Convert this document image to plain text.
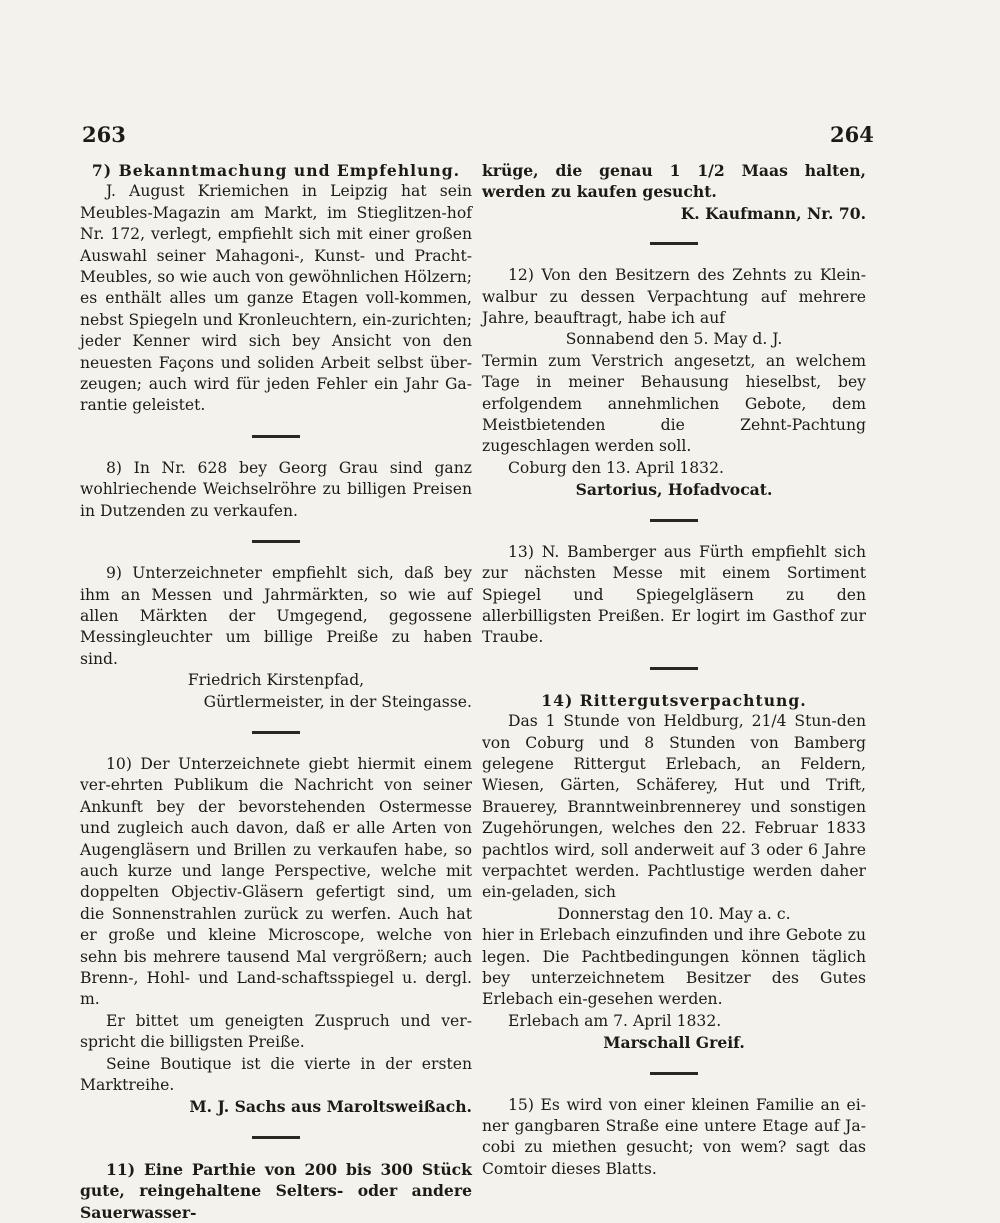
263	264
7) Bekanntmachung und Empfehlung.

J. August Kriemichen in Leipzig hat sein Meubles-Magazin am Markt, im Stieglitzen-hof Nr. 172, verlegt, empfiehlt sich mit einer großen Auswahl seiner Mahagoni-, Kunst- und Pracht-Meubles, so wie auch von gewöhnlichen Hölzern; es enthält alles um ganze Etagen voll-kommen, nebst Spiegeln und Kronleuchtern, ein-zurichten; jeder Kenner wird sich bey Ansicht von den neuesten Façons und soliden Arbeit selbst über-zeugen; auch wird für jeden Fehler ein Jahr Ga-rantie geleistet.

8) In Nr. 628 bey Georg Grau sind ganz wohlriechende Weichselröhre zu billigen Preisen in Dutzenden zu verkaufen.

9) Unterzeichneter empfiehlt sich, daß bey ihm an Messen und Jahrmärkten, so wie auf allen Märkten der Umgegend, gegossene Messingleuchter um billige Preiße zu haben sind.

Friedrich Kirstenpfad,

Gürtlermeister, in der Steingasse.

10) Der Unterzeichnete giebt hiermit einem ver-ehrten Publikum die Nachricht von seiner Ankunft bey der bevorstehenden Ostermesse und zugleich auch davon, daß er alle Arten von Augengläsern und Brillen zu verkaufen habe, so auch kurze und lange Perspective, welche mit doppelten Objectiv-Gläsern gefertigt sind, um die Sonnenstrahlen zurück zu werfen. Auch hat er große und kleine Microscope, welche von sehn bis mehrere tausend Mal vergrößern; auch Brenn-, Hohl- und Land-schaftsspiegel u. dergl. m.

Er bittet um geneigten Zuspruch und ver-spricht die billigsten Preiße.

Seine Boutique ist die vierte in der ersten Marktreihe.

M. J. Sachs aus Maroltsweißach.

11) Eine Parthie von 200 bis 300 Stück gute, reingehaltene Selters- oder andere Sauerwasser-

krüge, die genau 1 1/2 Maas halten, werden zu kaufen gesucht.

K. Kaufmann, Nr. 70.

12) Von den Besitzern des Zehnts zu Klein-walbur zu dessen Verpachtung auf mehrere Jahre, beauftragt, habe ich auf

Sonnabend den 5. May d. J.

Termin zum Verstrich angesetzt, an welchem Tage in meiner Behausung hieselbst, bey erfolgendem annehmlichen Gebote, dem Meistbietenden die Zehnt-Pachtung zugeschlagen werden soll.

Coburg den 13. April 1832.

Sartorius, Hofadvocat.

13) N. Bamberger aus Fürth empfiehlt sich zur nächsten Messe mit einem Sortiment Spiegel und Spiegelgläsern zu den allerbilligsten Preißen. Er logirt im Gasthof zur Traube.

14) Rittergutsverpachtung.

Das 1 Stunde von Heldburg, 21/4 Stun-den von Coburg und 8 Stunden von Bamberg gelegene Rittergut Erlebach, an Feldern, Wiesen, Gärten, Schäferey, Hut und Trift, Brauerey, Branntweinbrennerey und sonstigen Zugehörungen, welches den 22. Februar 1833 pachtlos wird, soll anderweit auf 3 oder 6 Jahre verpachtet werden. Pachtlustige werden daher ein-geladen, sich

Donnerstag den 10. May a. c.

hier in Erlebach einzufinden und ihre Gebote zu legen. Die Pachtbedingungen können täglich bey unterzeichnetem Besitzer des Gutes Erlebach ein-gesehen werden.

Erlebach am 7. April 1832.

Marschall Greif.

15) Es wird von einer kleinen Familie an ei-ner gangbaren Straße eine untere Etage auf Ja-cobi zu miethen gesucht; von wem? sagt das Comtoir dieses Blatts.
